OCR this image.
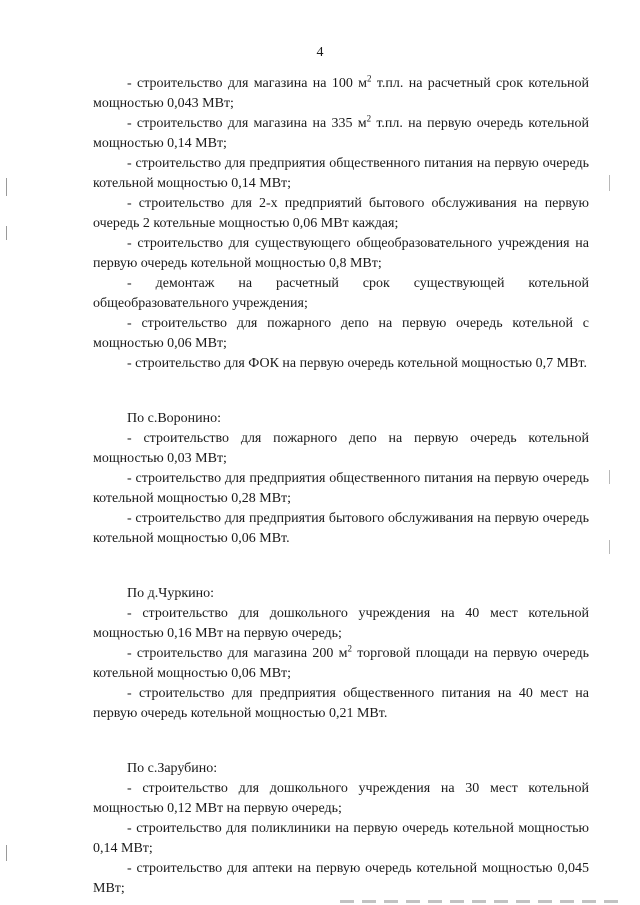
4

- строительство для магазина на 100 $м^2$ т.пл. на расчетный срок котельной мощностью 0,043 МВт;

- строительство для магазина на 335 $м^2$ т.пл. на первую очередь котельной мощностью 0,14 МВт;

- строительство для предприятия общественного питания на первую очередь котельной мощностью 0,14 МВт;

- строительство для 2-х предприятий бытового обслуживания на первую очередь 2 котельные мощностью 0,06 МВт каждая;

- строительство для существующего общеобразовательного учреждения на первую очередь котельной мощностью 0,8 МВт;

- демонтаж на расчетный срок существующей котельной общеобразовательного учреждения;

- строительство для пожарного депо на первую очередь котельной с мощностью 0,06 МВт;

- строительство для ФОК на первую очередь котельной мощностью 0,7 МВт.

По с.Воронино:

- строительство для пожарного депо на первую очередь котельной мощностью 0,03 МВт;

- строительство для предприятия общественного питания на первую очередь котельной мощностью 0,28 МВт;

- строительство для предприятия бытового обслуживания на первую очередь котельной мощностью 0,06 МВт.

По д.Чуркино:

- строительство для дошкольного учреждения на 40 мест котельной мощностью 0,16 МВт на первую очередь;

- строительство для магазина 200 $м^2$ торговой площади на первую очередь котельной мощностью 0,06 МВт;

- строительство для предприятия общественного питания на 40 мест на первую очередь котельной мощностью 0,21 МВт.

По с.Зарубино:

- строительство для дошкольного учреждения на 30 мест котельной мощностью 0,12 МВт на первую очередь;

- строительство для поликлиники на первую очередь котельной мощностью 0,14 МВт;

- строительство для аптеки на первую очередь котельной мощностью 0,045 МВт;
